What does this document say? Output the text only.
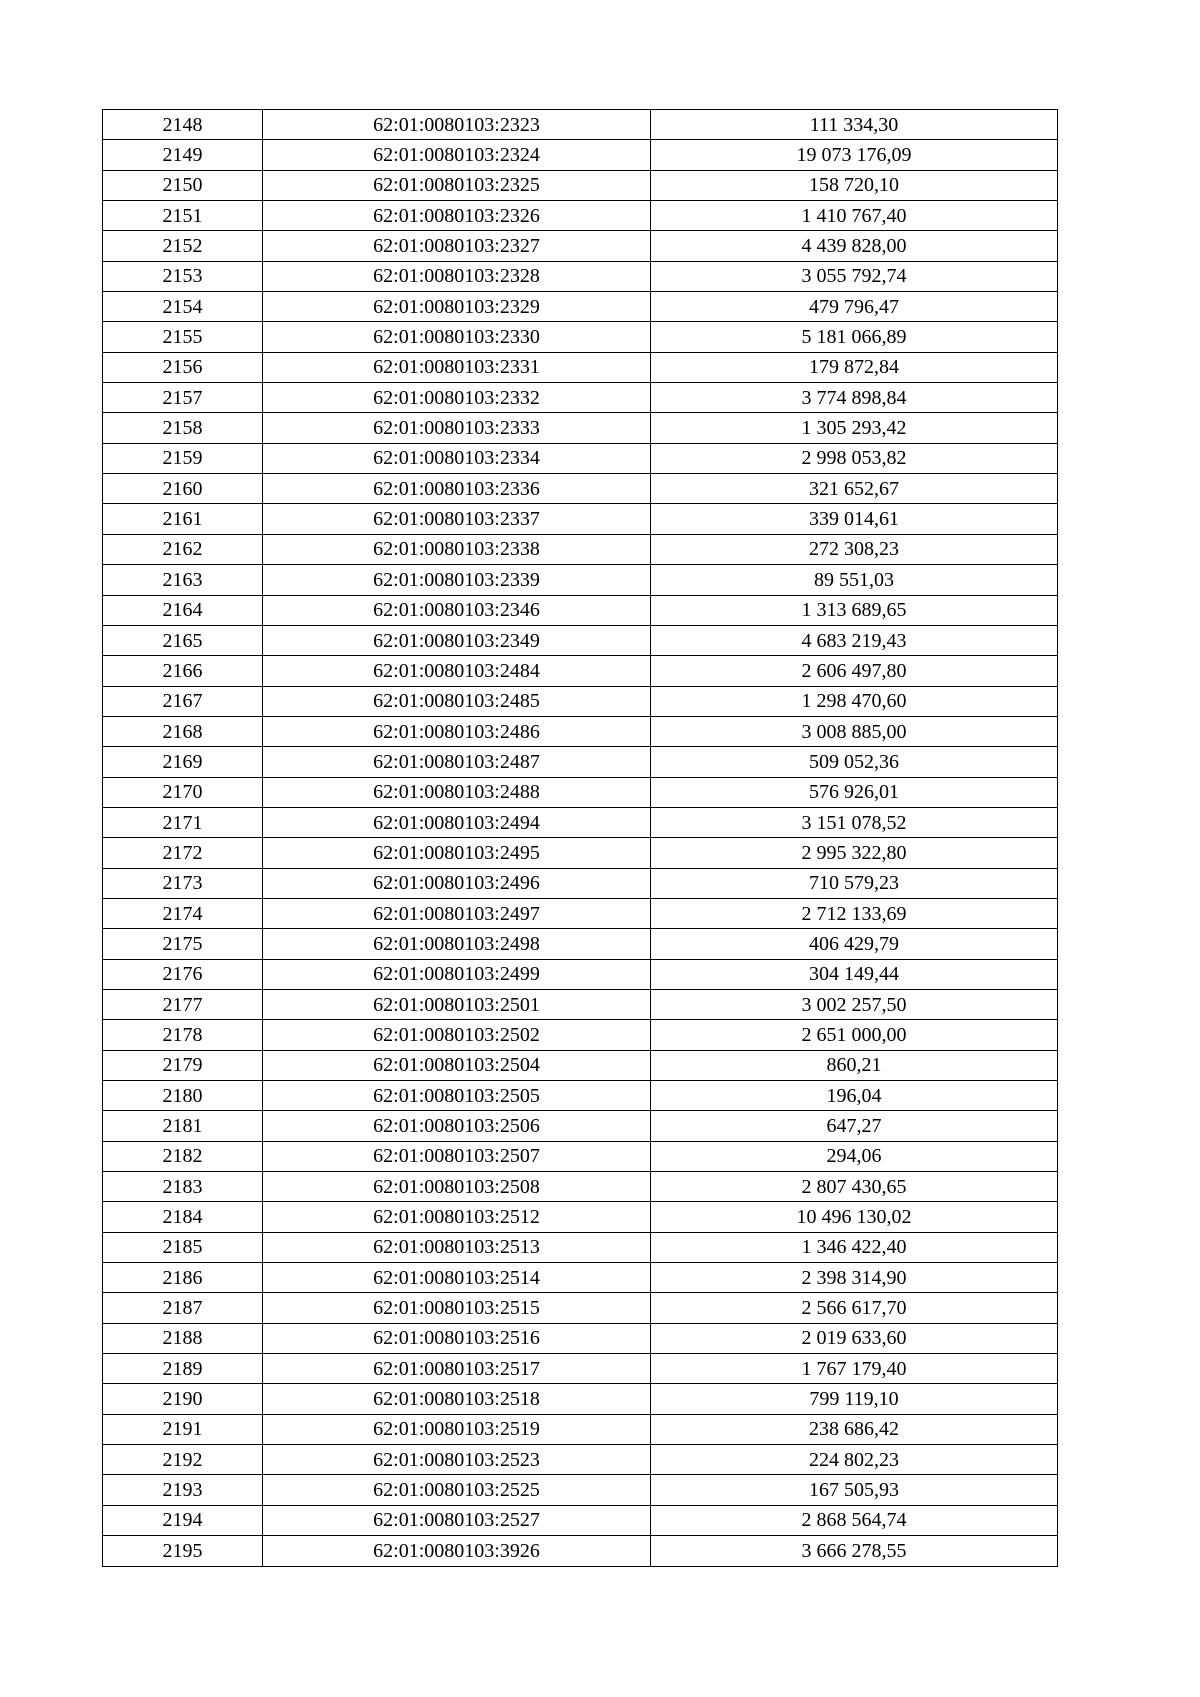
2148	62:01:0080103:2323	111 334,30
2149	62:01:0080103:2324	19 073 176,09
2150	62:01:0080103:2325	158 720,10
2151	62:01:0080103:2326	1 410 767,40
2152	62:01:0080103:2327	4 439 828,00
2153	62:01:0080103:2328	3 055 792,74
2154	62:01:0080103:2329	479 796,47
2155	62:01:0080103:2330	5 181 066,89
2156	62:01:0080103:2331	179 872,84
2157	62:01:0080103:2332	3 774 898,84
2158	62:01:0080103:2333	1 305 293,42
2159	62:01:0080103:2334	2 998 053,82
2160	62:01:0080103:2336	321 652,67
2161	62:01:0080103:2337	339 014,61
2162	62:01:0080103:2338	272 308,23
2163	62:01:0080103:2339	89 551,03
2164	62:01:0080103:2346	1 313 689,65
2165	62:01:0080103:2349	4 683 219,43
2166	62:01:0080103:2484	2 606 497,80
2167	62:01:0080103:2485	1 298 470,60
2168	62:01:0080103:2486	3 008 885,00
2169	62:01:0080103:2487	509 052,36
2170	62:01:0080103:2488	576 926,01
2171	62:01:0080103:2494	3 151 078,52
2172	62:01:0080103:2495	2 995 322,80
2173	62:01:0080103:2496	710 579,23
2174	62:01:0080103:2497	2 712 133,69
2175	62:01:0080103:2498	406 429,79
2176	62:01:0080103:2499	304 149,44
2177	62:01:0080103:2501	3 002 257,50
2178	62:01:0080103:2502	2 651 000,00
2179	62:01:0080103:2504	860,21
2180	62:01:0080103:2505	196,04
2181	62:01:0080103:2506	647,27
2182	62:01:0080103:2507	294,06
2183	62:01:0080103:2508	2 807 430,65
2184	62:01:0080103:2512	10 496 130,02
2185	62:01:0080103:2513	1 346 422,40
2186	62:01:0080103:2514	2 398 314,90
2187	62:01:0080103:2515	2 566 617,70
2188	62:01:0080103:2516	2 019 633,60
2189	62:01:0080103:2517	1 767 179,40
2190	62:01:0080103:2518	799 119,10
2191	62:01:0080103:2519	238 686,42
2192	62:01:0080103:2523	224 802,23
2193	62:01:0080103:2525	167 505,93
2194	62:01:0080103:2527	2 868 564,74
2195	62:01:0080103:3926	3 666 278,55
